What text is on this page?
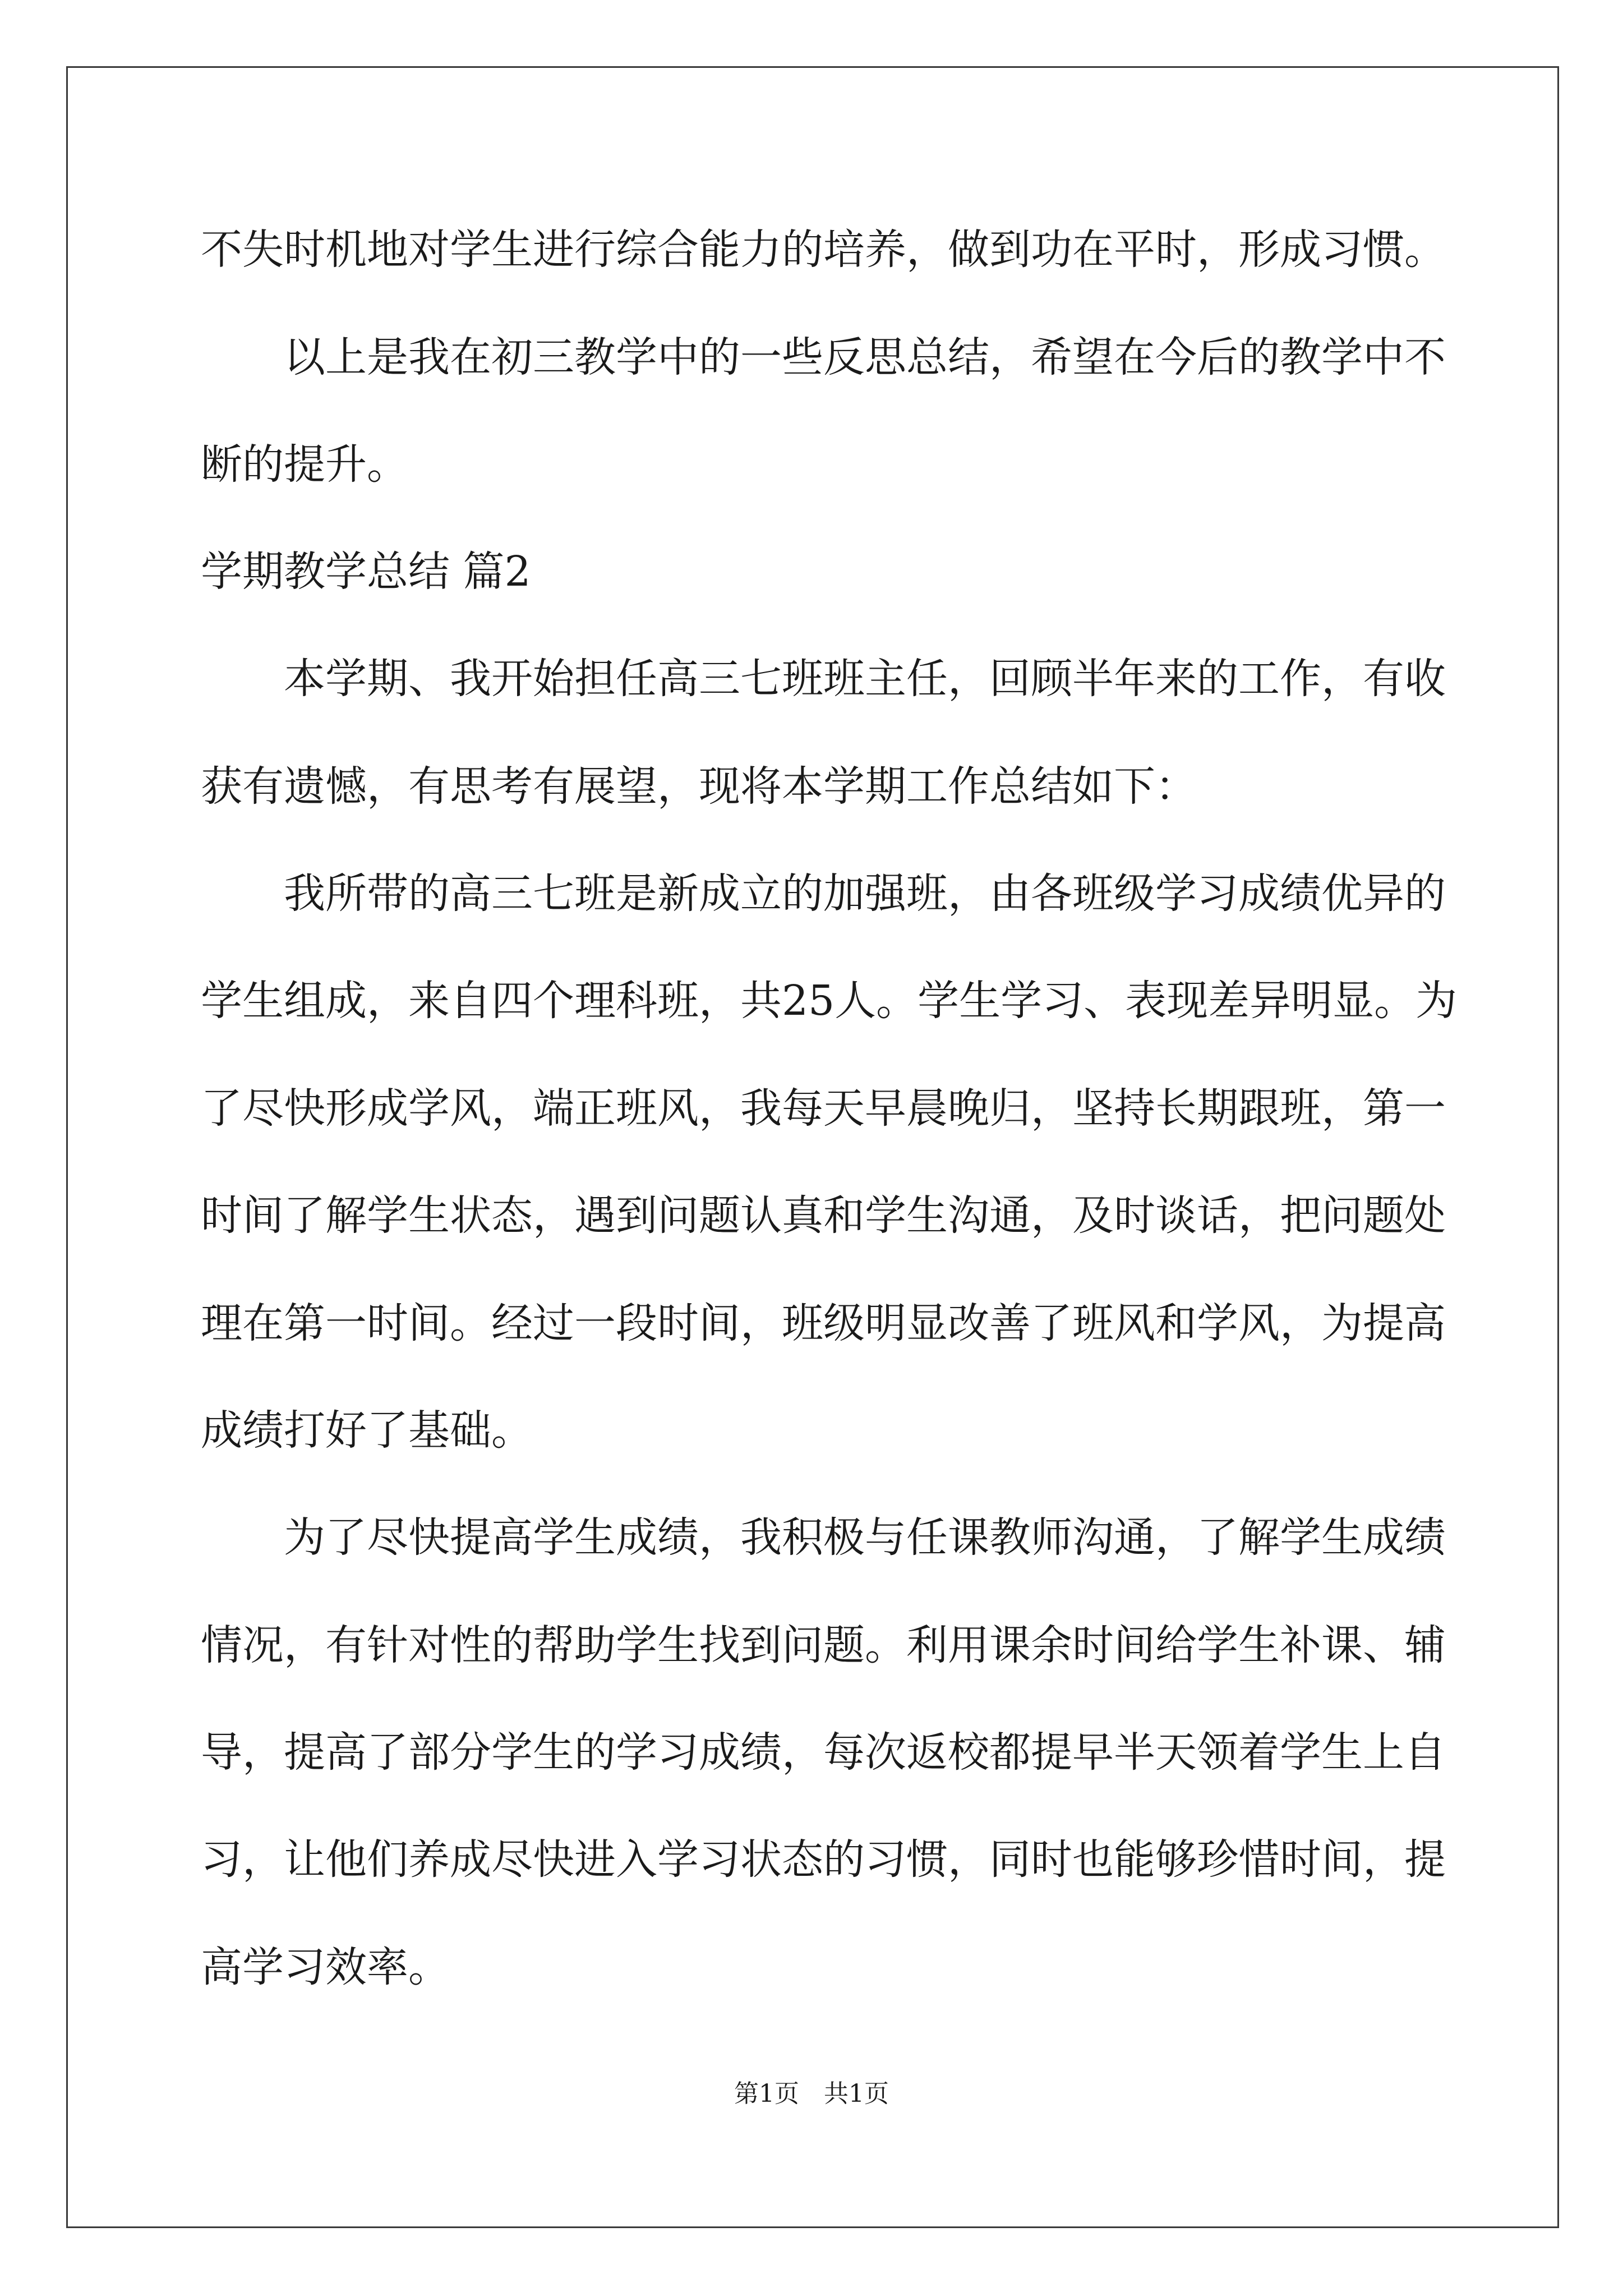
不失时机地对学生进行综合能力的培养，做到功在平时，形成习惯。
　　以上是我在初三教学中的一些反思总结，希望在今后的教学中不
断的提升。
学期教学总结 篇2
　　本学期、我开始担任高三七班班主任，回顾半年来的工作，有收
获有遗憾，有思考有展望，现将本学期工作总结如下：
　　我所带的高三七班是新成立的加强班，由各班级学习成绩优异的
学生组成，来自四个理科班，共25人。学生学习、表现差异明显。为
了尽快形成学风，端正班风，我每天早晨晚归，坚持长期跟班，第一
时间了解学生状态，遇到问题认真和学生沟通，及时谈话，把问题处
理在第一时间。经过一段时间，班级明显改善了班风和学风，为提高
成绩打好了基础。
　　为了尽快提高学生成绩，我积极与任课教师沟通，了解学生成绩
情况，有针对性的帮助学生找到问题。利用课余时间给学生补课、辅
导，提高了部分学生的学习成绩，每次返校都提早半天领着学生上自
习，让他们养成尽快进入学习状态的习惯，同时也能够珍惜时间，提
高学习效率。
第1页　共1页
